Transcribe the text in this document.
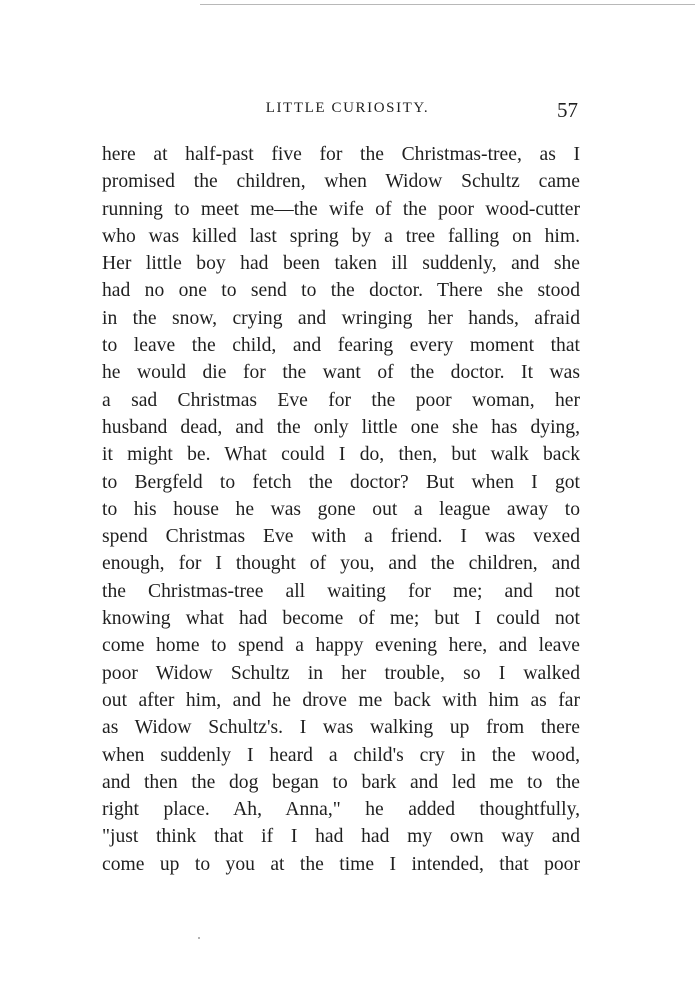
LITTLE CURIOSITY.	57
here at half-past five for the Christmas-tree, as I
promised the children, when Widow Schultz came
running to meet me—the wife of the poor wood-cutter
who was killed last spring by a tree falling on him.
Her little boy had been taken ill suddenly, and she
had no one to send to the doctor. There she stood
in the snow, crying and wringing her hands, afraid
to leave the child, and fearing every moment that
he would die for the want of the doctor. It was
a sad Christmas Eve for the poor woman, her
husband dead, and the only little one she has dying,
it might be. What could I do, then, but walk back
to Bergfeld to fetch the doctor? But when I got
to his house he was gone out a league away to
spend Christmas Eve with a friend. I was vexed
enough, for I thought of you, and the children, and
the Christmas-tree all waiting for me; and not
knowing what had become of me; but I could not
come home to spend a happy evening here, and leave
poor Widow Schultz in her trouble, so I walked
out after him, and he drove me back with him as far
as Widow Schultz's. I was walking up from there
when suddenly I heard a child's cry in the wood,
and then the dog began to bark and led me to the
right place. Ah, Anna," he added thoughtfully,
"just think that if I had had my own way and
come up to you at the time I intended, that poor
